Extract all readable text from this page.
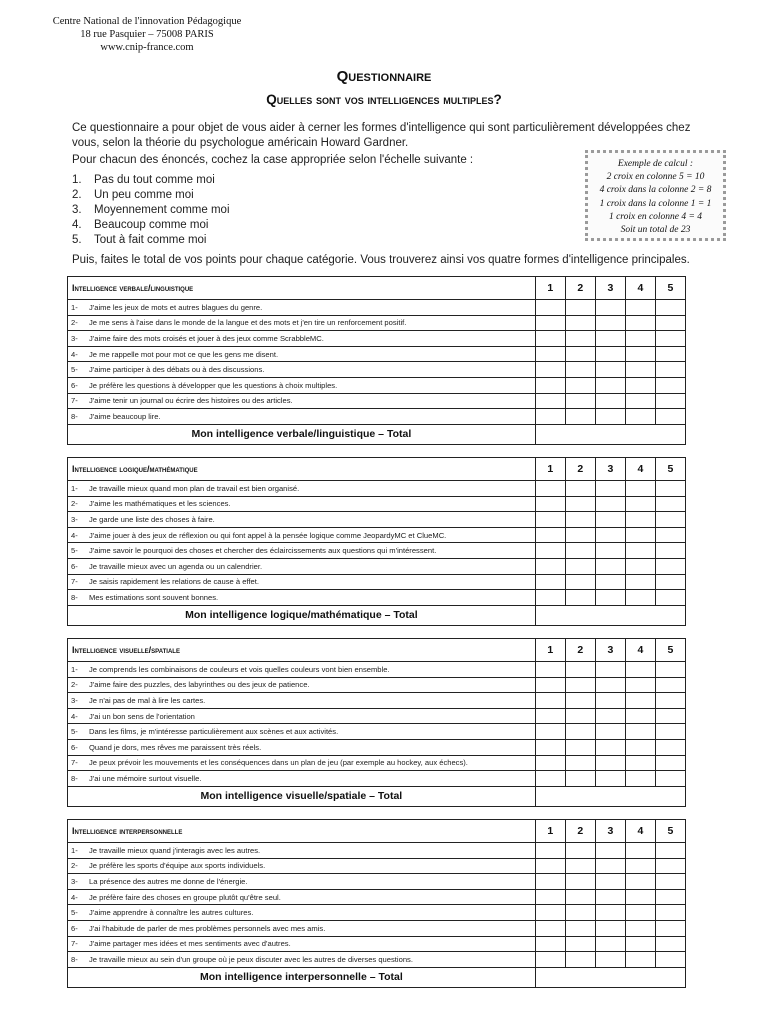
Centre National de l'innovation Pédagogique
18 rue Pasquier – 75008 PARIS
www.cnip-france.com
Questionnaire
Quelles sont vos intelligences multiples?
Ce questionnaire a pour objet de vous aider à cerner les formes d'intelligence qui sont particulièrement développées chez vous, selon la théorie du psychologue américain Howard Gardner.
Pour chacun des énoncés, cochez la case appropriée selon l'échelle suivante :
1.	Pas du tout comme moi
2.	Un peu comme moi
3.	Moyennement comme moi
4.	Beaucoup comme moi
5.	Tout à fait comme moi
Puis, faites le total de vos points pour chaque catégorie. Vous trouverez ainsi vos quatre formes d'intelligence principales.
Exemple de calcul :
2 croix en colonne 5 = 10
4 croix dans la colonne 2 = 8
1 croix dans la colonne 1 = 1
1 croix en colonne 4 = 4
Soit un total de 23
Intelligence verbale/linguistique	1	2	3	4	5
1- J'aime les jeux de mots et autres blagues du genre.					
2- Je me sens à l'aise dans le monde de la langue et des mots et j'en tire un renforcement positif.					
3- J'aime faire des mots croisés et jouer à des jeux comme ScrabbleMC.					
4- Je me rappelle mot pour mot ce que les gens me disent.					
5- J'aime participer à des débats ou à des discussions.					
6- Je préfère les questions à développer que les questions à choix multiples.					
7- J'aime tenir un journal ou écrire des histoires ou des articles.					
8- J'aime beaucoup lire.					
Mon intelligence verbale/linguistique – Total					
Intelligence logique/mathématique	1	2	3	4	5
1- Je travaille mieux quand mon plan de travail est bien organisé.					
2- J'aime les mathématiques et les sciences.					
3- Je garde une liste des choses à faire.					
4- J'aime jouer à des jeux de réflexion ou qui font appel à la pensée logique comme JeopardyMC et ClueMC.					
5- J'aime savoir le pourquoi des choses et chercher des éclaircissements aux questions qui m'intéressent.					
6- Je travaille mieux avec un agenda ou un calendrier.					
7- Je saisis rapidement les relations de cause à effet.					
8- Mes estimations sont souvent bonnes.					
Mon intelligence logique/mathématique – Total					
Intelligence visuelle/spatiale	1	2	3	4	5
1- Je comprends les combinaisons de couleurs et vois quelles couleurs vont bien ensemble.					
2- J'aime faire des puzzles, des labyrinthes ou des jeux de patience.					
3- Je n'ai pas de mal à lire les cartes.					
4- J'ai un bon sens de l'orientation					
5- Dans les films, je m'intéresse particulièrement aux scènes et aux activités.					
6- Quand je dors, mes rêves me paraissent très réels.					
7- Je peux prévoir les mouvements et les conséquences dans un plan de jeu (par exemple au hockey, aux échecs).					
8- J'ai une mémoire surtout visuelle.					
Mon intelligence visuelle/spatiale – Total					
Intelligence interpersonnelle	1	2	3	4	5
1- Je travaille mieux quand j'interagis avec les autres.					
2- Je préfère les sports d'équipe aux sports individuels.					
3- La présence des autres me donne de l'énergie.					
4- Je préfère faire des choses en groupe plutôt qu'être seul.					
5- J'aime apprendre à connaître les autres cultures.					
6- J'ai l'habitude de parler de mes problèmes personnels avec mes amis.					
7- J'aime partager mes idées et mes sentiments avec d'autres.					
8- Je travaille mieux au sein d'un groupe où je peux discuter avec les autres de diverses questions.					
Mon intelligence interpersonnelle – Total					
